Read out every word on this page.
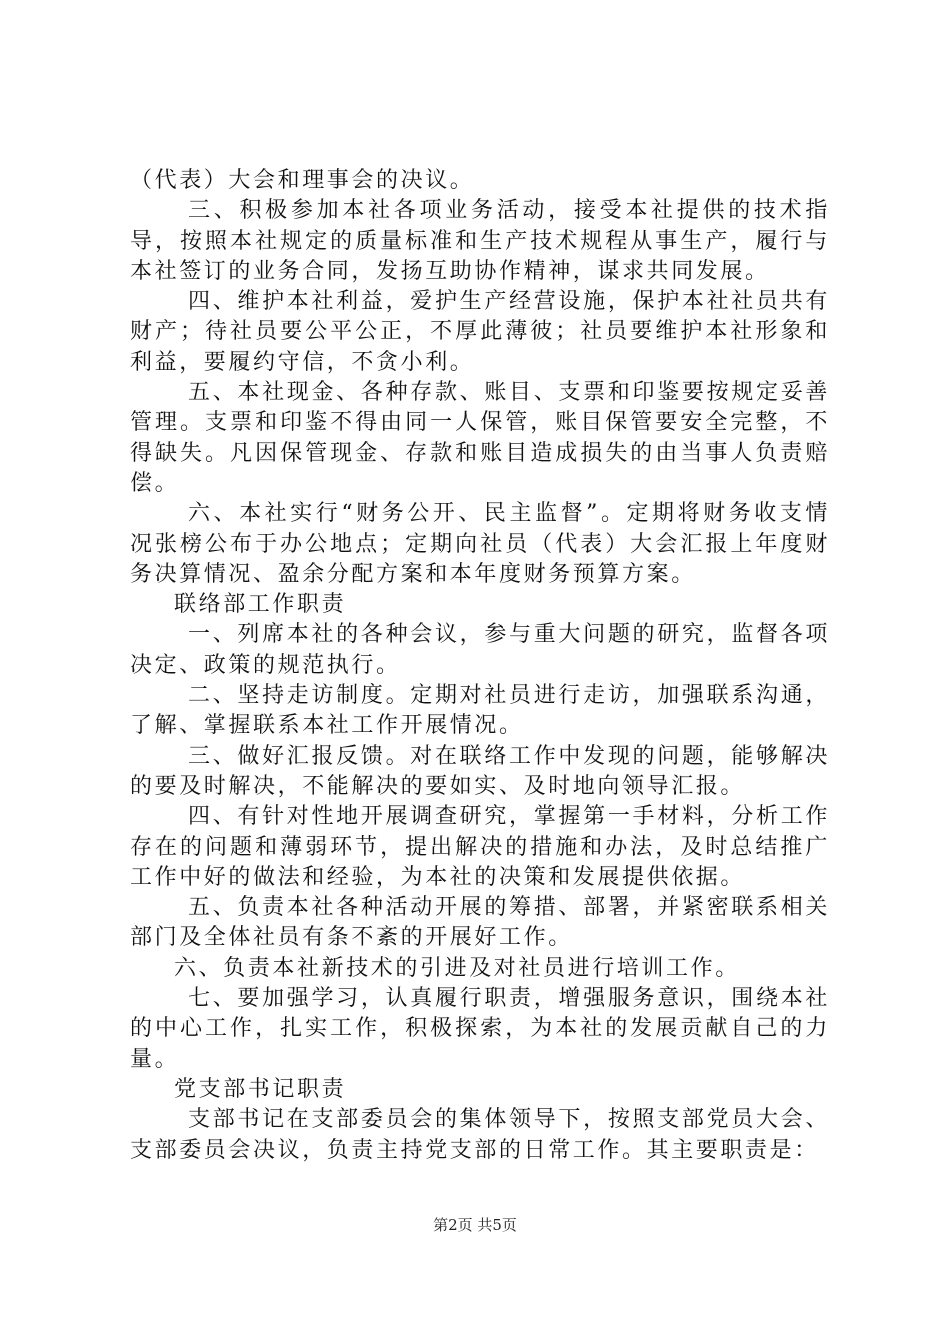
（代表）大会和理事会的决议。

三、积极参加本社各项业务活动，接受本社提供的技术指导，按照本社规定的质量标准和生产技术规程从事生产，履行与本社签订的业务合同，发扬互助协作精神，谋求共同发展。

四、维护本社利益，爱护生产经营设施，保护本社社员共有财产；待社员要公平公正，不厚此薄彼；社员要维护本社形象和利益，要履约守信，不贪小利。

五、本社现金、各种存款、账目、支票和印鉴要按规定妥善管理。支票和印鉴不得由同一人保管，账目保管要安全完整，不得缺失。凡因保管现金、存款和账目造成损失的由当事人负责赔偿。

六、本社实行“财务公开、民主监督”。定期将财务收支情况张榜公布于办公地点；定期向社员（代表）大会汇报上年度财务决算情况、盈余分配方案和本年度财务预算方案。

联络部工作职责

一、列席本社的各种会议，参与重大问题的研究，监督各项决定、政策的规范执行。

二、坚持走访制度。定期对社员进行走访，加强联系沟通，了解、掌握联系本社工作开展情况。

三、做好汇报反馈。对在联络工作中发现的问题，能够解决的要及时解决，不能解决的要如实、及时地向领导汇报。

四、有针对性地开展调查研究，掌握第一手材料，分析工作存在的问题和薄弱环节，提出解决的措施和办法，及时总结推广工作中好的做法和经验，为本社的决策和发展提供依据。

五、负责本社各种活动开展的筹措、部署，并紧密联系相关部门及全体社员有条不紊的开展好工作。

六、负责本社新技术的引进及对社员进行培训工作。

七、要加强学习，认真履行职责，增强服务意识，围绕本社的中心工作，扎实工作，积极探索，为本社的发展贡献自己的力量。

党支部书记职责

支部书记在支部委员会的集体领导下，按照支部党员大会、支部委员会决议，负责主持党支部的日常工作。其主要职责是：

第2页 共5页
